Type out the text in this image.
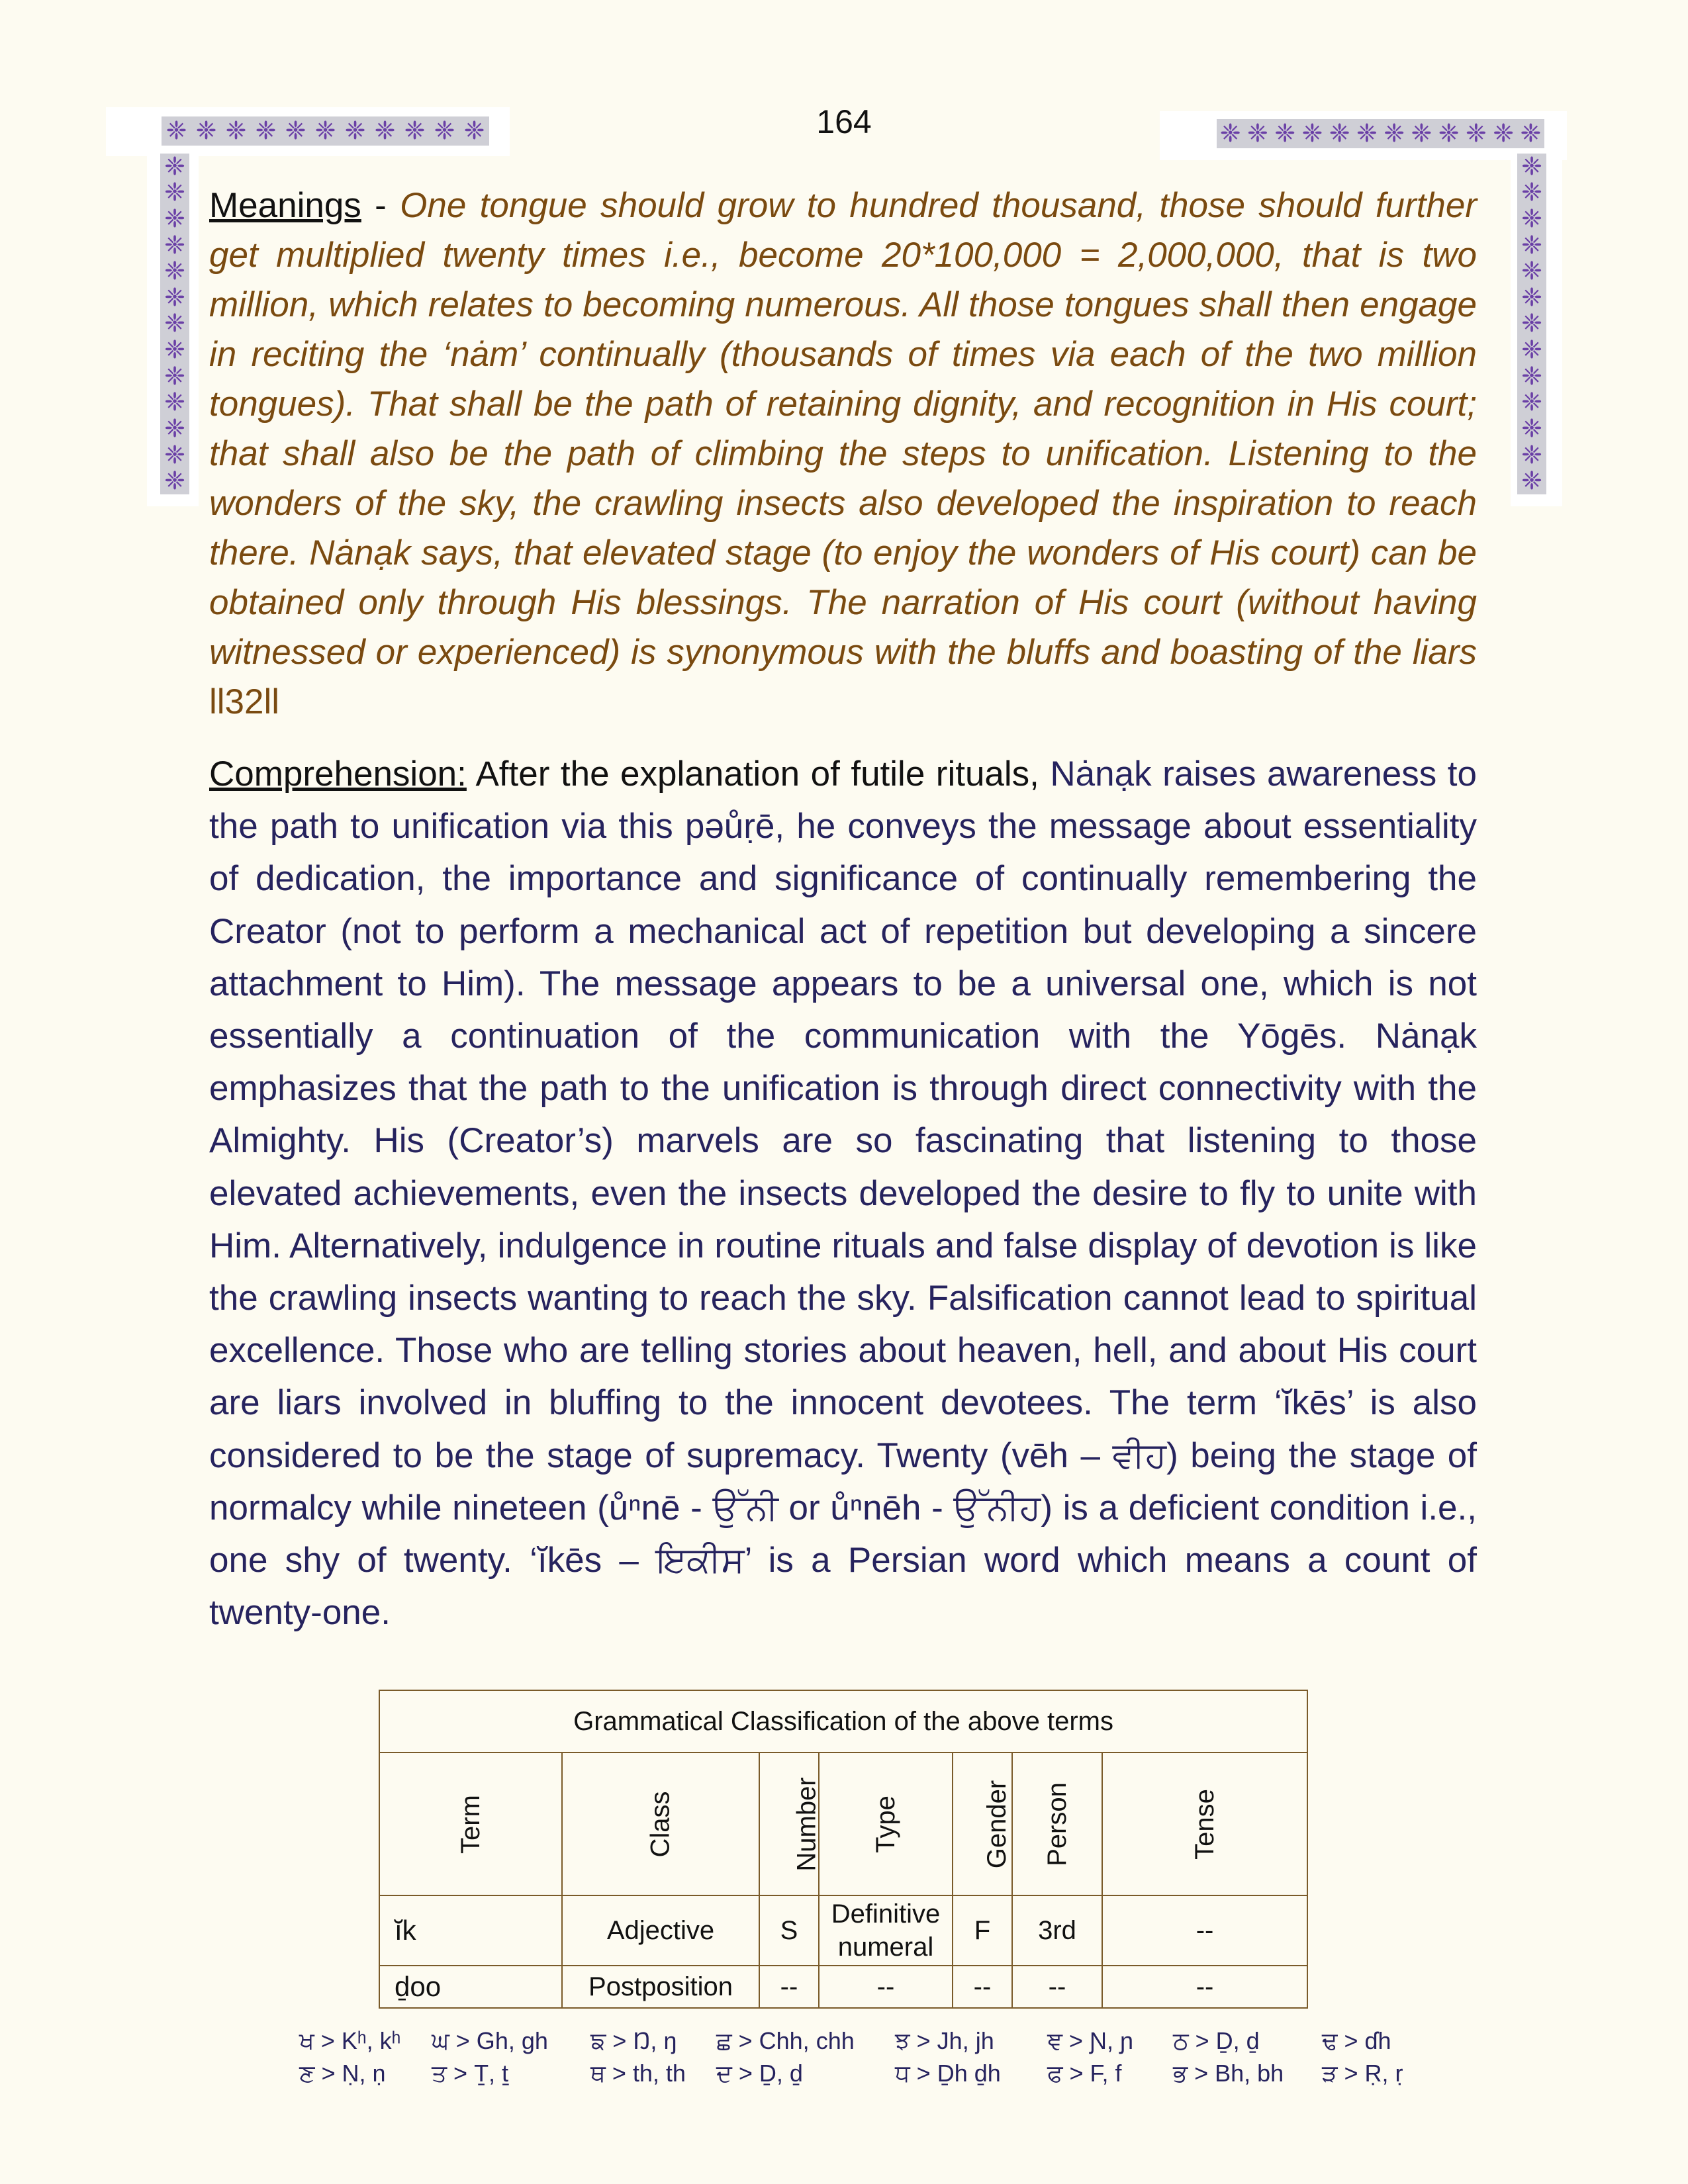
164
❈ ❈ ❈ ❈ ❈ ❈ ❈ ❈ ❈ ❈ ❈	❈ ❈ ❈ ❈ ❈ ❈ ❈ ❈ ❈ ❈ ❈ ❈
❈
❈
❈
❈
❈
❈
❈
❈
❈
❈
❈
❈
❈
❈
❈
❈
❈
❈
❈
❈
❈
❈
❈
❈
❈
❈
Meanings - One tongue should grow to hundred thousand, those should further get multiplied twenty times i.e., become 20*100,000 = 2,000,000, that is two million, which relates to becoming numerous. All those tongues shall then engage in reciting the ‘nȧm’ continually (thousands of times via each of the two million tongues). That shall be the path of retaining dignity, and recognition in His court; that shall also be the path of climbing the steps to unification. Listening to the wonders of the sky, the crawling insects also developed the inspiration to reach there. Nȧnạk says, that elevated stage (to enjoy the wonders of His court) can be obtained only through His blessings. The narration of His court (without having witnessed or experienced) is synonymous with the bluffs and boasting of the liars ll32ll
Comprehension: After the explanation of futile rituals, Nȧnạk raises awareness to the path to unification via this pəůṛē, he conveys the message about essentiality of dedication, the importance and significance of continually remembering the Creator (not to perform a mechanical act of repetition but developing a sincere attachment to Him). The message appears to be a universal one, which is not essentially a continuation of the communication with the Yōgēs. Nȧnạk emphasizes that the path to the unification is through direct connectivity with the Almighty. His (Creator’s) marvels are so fascinating that listening to those elevated achievements, even the insects developed the desire to fly to unite with Him. Alternatively, indulgence in routine rituals and false display of devotion is like the crawling insects wanting to reach the sky. Falsification cannot lead to spiritual excellence. Those who are telling stories about heaven, hell, and about His court are liars involved in bluffing to the innocent devotees. The term ‘ĭkēs’ is also considered to be the stage of supremacy. Twenty (vēh – ਵੀਹ) being the stage of normalcy while nineteen (ůⁿnē - ਉੱਨੀ or ůⁿnēh - ਉੱਨੀਹ) is a deficient condition i.e., one shy of twenty. ‘ĭkēs – ਇਕੀਸ’ is a Persian word which means a count of twenty-one.
Grammatical Classification of the above terms						
Term	Class	Number	Type	Gender	Person	Tense
ĭk	Adjective	S	Definitive numeral	F	3rd	--
ḏoo	Postposition	--	--	--	--	--
ਖ > Kʰ, kʰ	ਘ > Gh, gh	ਙ > Ŋ, ŋ	ਛ > Chh, chh	ਝ > Jh, jh	ਞ > Ɲ, ɲ	ਠ > Ḏ, ḏ	ਢ > ɗh
ਣ > Ṇ, ṇ	ਤ > Ṯ, ṯ	ਥ > th, th	ਦ > Ḏ, ḏ	ਧ > Ḏh ḏh	ਫ > F, f	ਭ > Bh, bh	ੜ > Ṛ, ṛ
